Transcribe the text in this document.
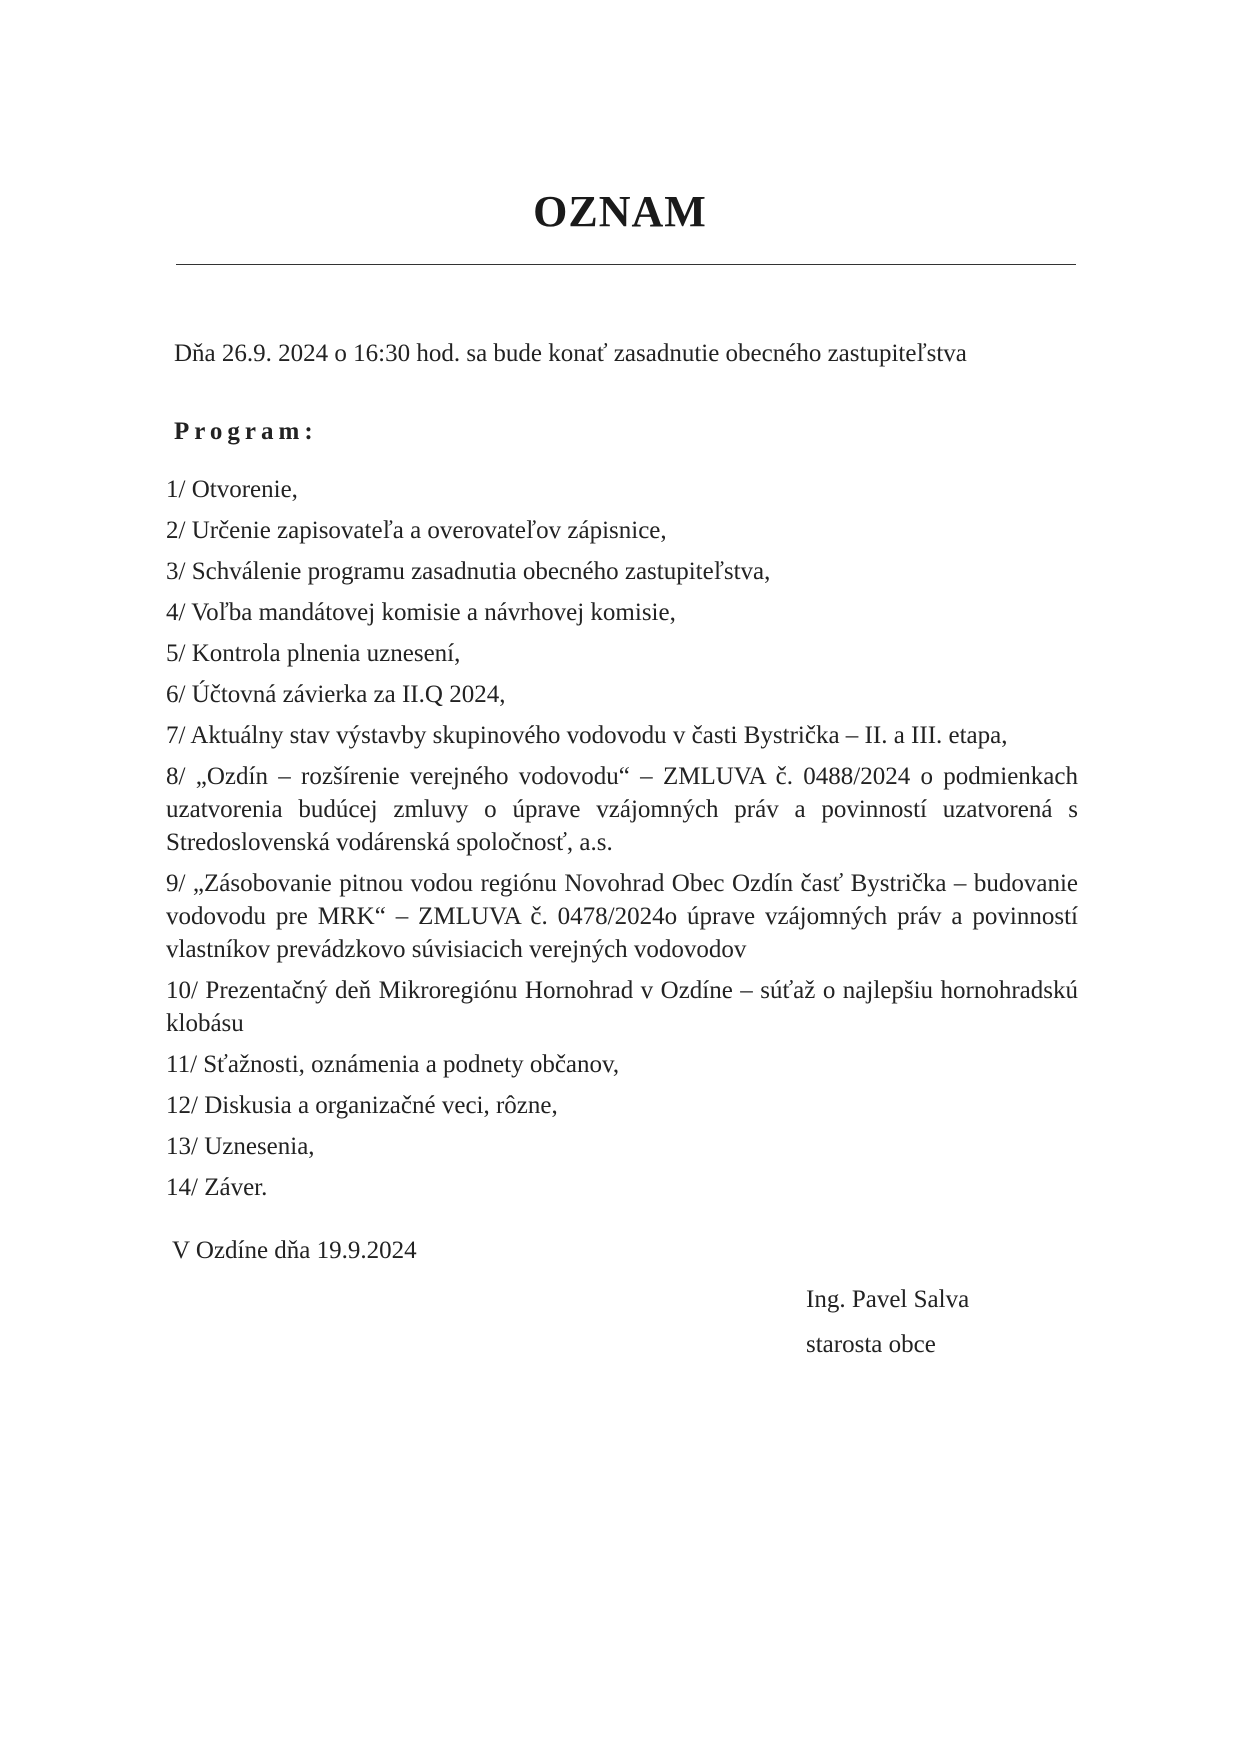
OZNAM
Dňa 26.9. 2024 o 16:30 hod. sa bude konať zasadnutie obecného zastupiteľstva
Program:
1/ Otvorenie,
2/ Určenie zapisovateľa a overovateľov zápisnice,
3/ Schválenie programu zasadnutia obecného zastupiteľstva,
4/ Voľba mandátovej komisie a návrhovej komisie,
5/ Kontrola plnenia uznesení,
6/ Účtovná závierka za II.Q 2024,
7/ Aktuálny stav výstavby skupinového vodovodu v časti Bystrička – II. a III. etapa,
8/ „Ozdín – rozšírenie verejného vodovodu“ – ZMLUVA č. 0488/2024 o podmienkach uzatvorenia budúcej zmluvy o úprave vzájomných práv a povinností uzatvorená s Stredoslovenská vodárenská spoločnosť, a.s.
9/ „Zásobovanie pitnou vodou regiónu Novohrad Obec Ozdín časť Bystrička – budovanie vodovodu pre MRK“ – ZMLUVA č. 0478/2024o úprave vzájomných práv a povinností vlastníkov prevádzkovo súvisiacich verejných vodovodov
10/ Prezentačný deň Mikroregiónu Hornohrad v Ozdíne – súťaž o najlepšiu hornohradskú klobásu
11/ Sťažnosti, oznámenia a podnety občanov,
12/ Diskusia a organizačné veci, rôzne,
13/ Uznesenia,
14/ Záver.
V Ozdíne dňa 19.9.2024
Ing. Pavel Salva
starosta obce
